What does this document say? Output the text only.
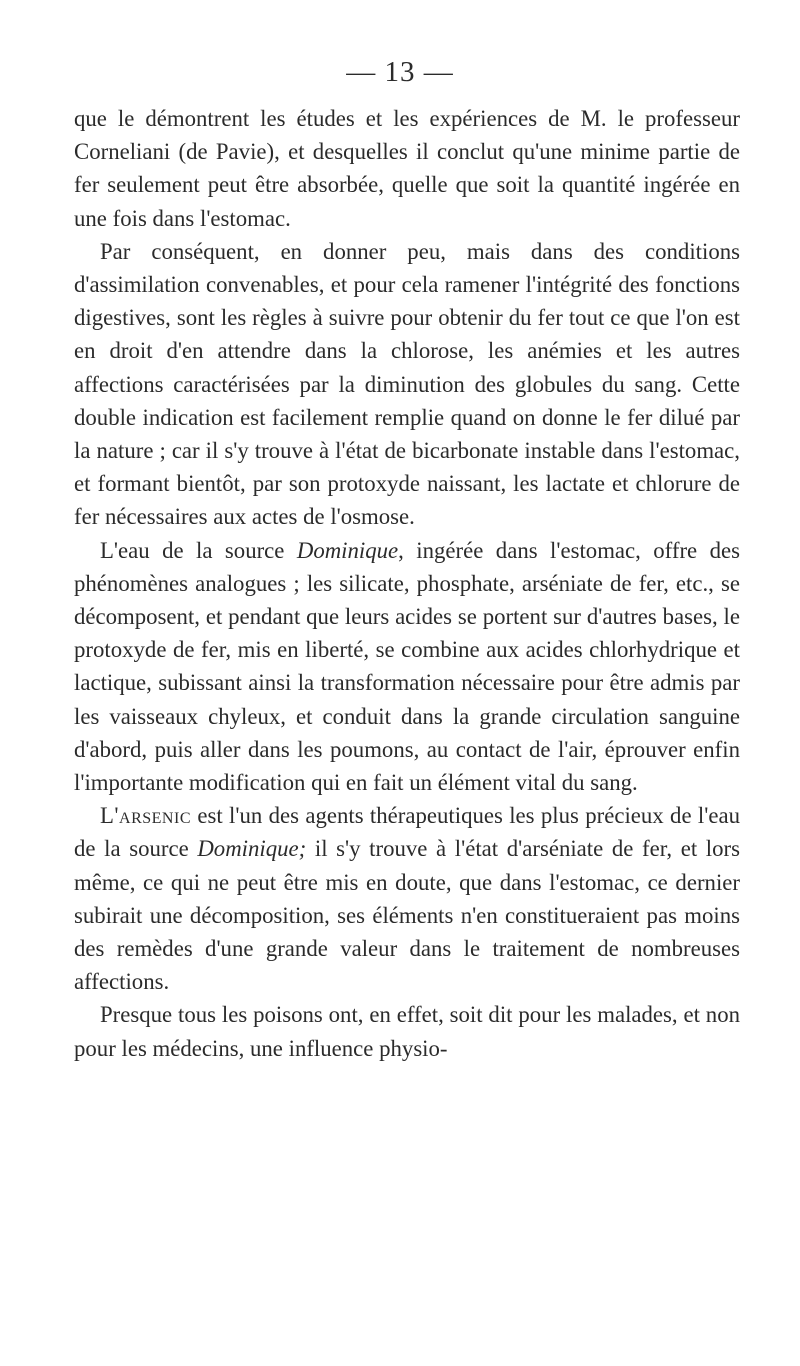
— 13 —

que le démontrent les études et les expériences de M. le professeur Corneliani (de Pavie), et desquelles il conclut qu'une minime partie de fer seulement peut être absorbée, quelle que soit la quantité ingérée en une fois dans l'estomac.

Par conséquent, en donner peu, mais dans des conditions d'assimilation convenables, et pour cela ramener l'intégrité des fonctions digestives, sont les règles à suivre pour obtenir du fer tout ce que l'on est en droit d'en attendre dans la chlorose, les anémies et les autres affections caractérisées par la diminution des globules du sang. Cette double indication est facilement remplie quand on donne le fer dilué par la nature ; car il s'y trouve à l'état de bicarbonate instable dans l'estomac, et formant bientôt, par son protoxyde naissant, les lactate et chlorure de fer nécessaires aux actes de l'osmose.

L'eau de la source Dominique, ingérée dans l'estomac, offre des phénomènes analogues ; les silicate, phosphate, arséniate de fer, etc., se décomposent, et pendant que leurs acides se portent sur d'autres bases, le protoxyde de fer, mis en liberté, se combine aux acides chlorhydrique et lactique, subissant ainsi la transformation nécessaire pour être admis par les vaisseaux chyleux, et conduit dans la grande circulation sanguine d'abord, puis aller dans les poumons, au contact de l'air, éprouver enfin l'importante modification qui en fait un élément vital du sang.

L'arsenic est l'un des agents thérapeutiques les plus précieux de l'eau de la source Dominique; il s'y trouve à l'état d'arséniate de fer, et lors même, ce qui ne peut être mis en doute, que dans l'estomac, ce dernier subirait une décomposition, ses éléments n'en constitueraient pas moins des remèdes d'une grande valeur dans le traitement de nombreuses affections.

Presque tous les poisons ont, en effet, soit dit pour les malades, et non pour les médecins, une influence physio-
